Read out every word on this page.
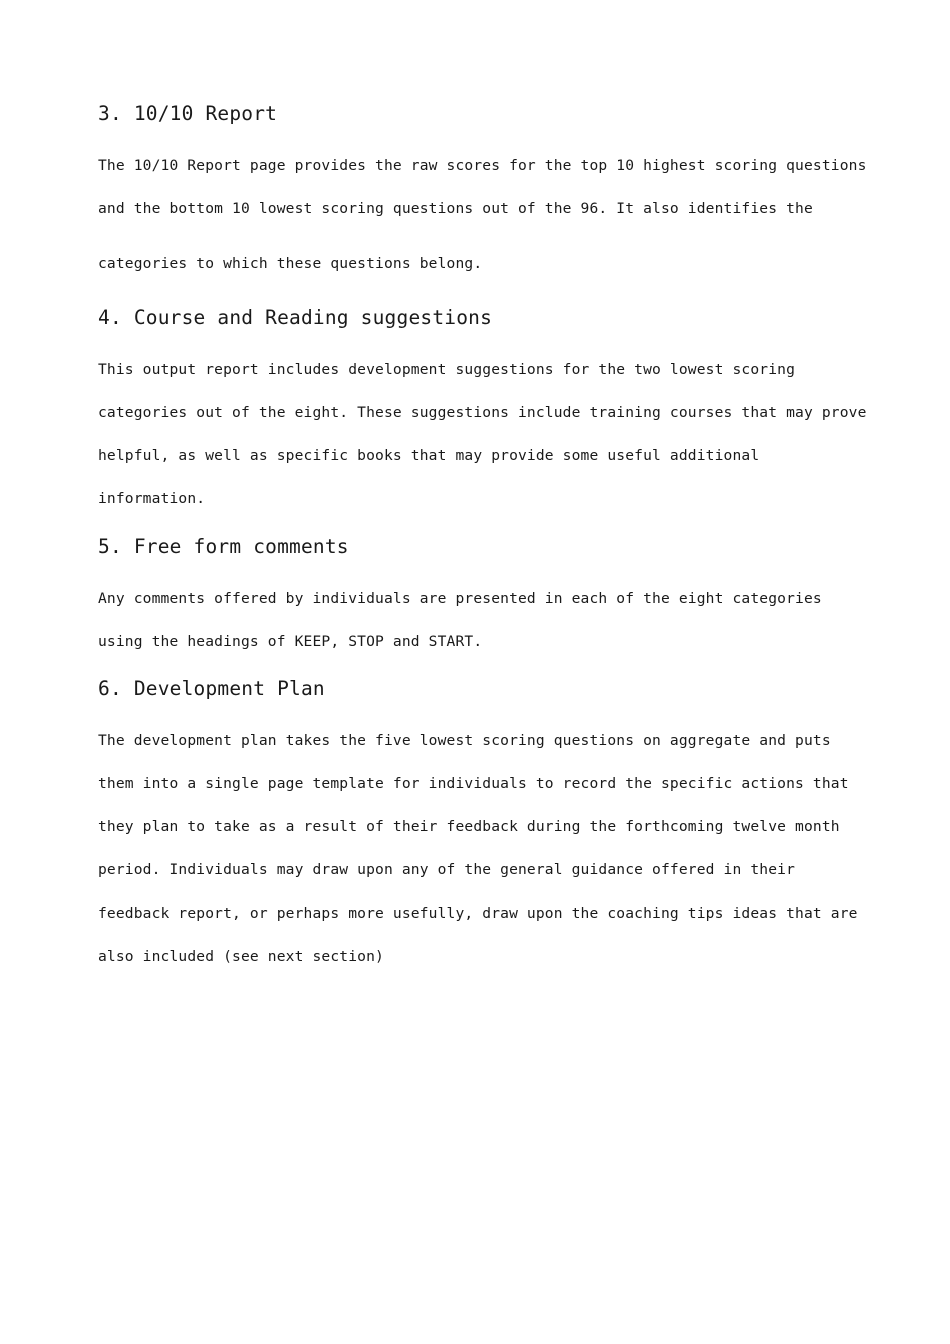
3. 10/10 Report
The 10/10 Report page provides the raw scores for the top 10 highest scoring questions
and the bottom 10 lowest scoring questions out of the 96. It also identifies the
categories to which these questions belong.
4. Course and Reading suggestions
This output report includes development suggestions for the two lowest scoring
categories out of the eight. These suggestions include training courses that may prove
helpful, as well as specific books that may provide some useful additional
information.
5. Free form comments
Any comments offered by individuals are presented in each of the eight categories
using the headings of KEEP, STOP and START.
6. Development Plan
The development plan takes the five lowest scoring questions on aggregate and puts
them into a single page template for individuals to record the specific actions that
they plan to take as a result of their feedback during the forthcoming twelve month
period. Individuals may draw upon any of the general guidance offered in their
feedback report, or perhaps more usefully, draw upon the coaching tips ideas that are
also included (see next section)
